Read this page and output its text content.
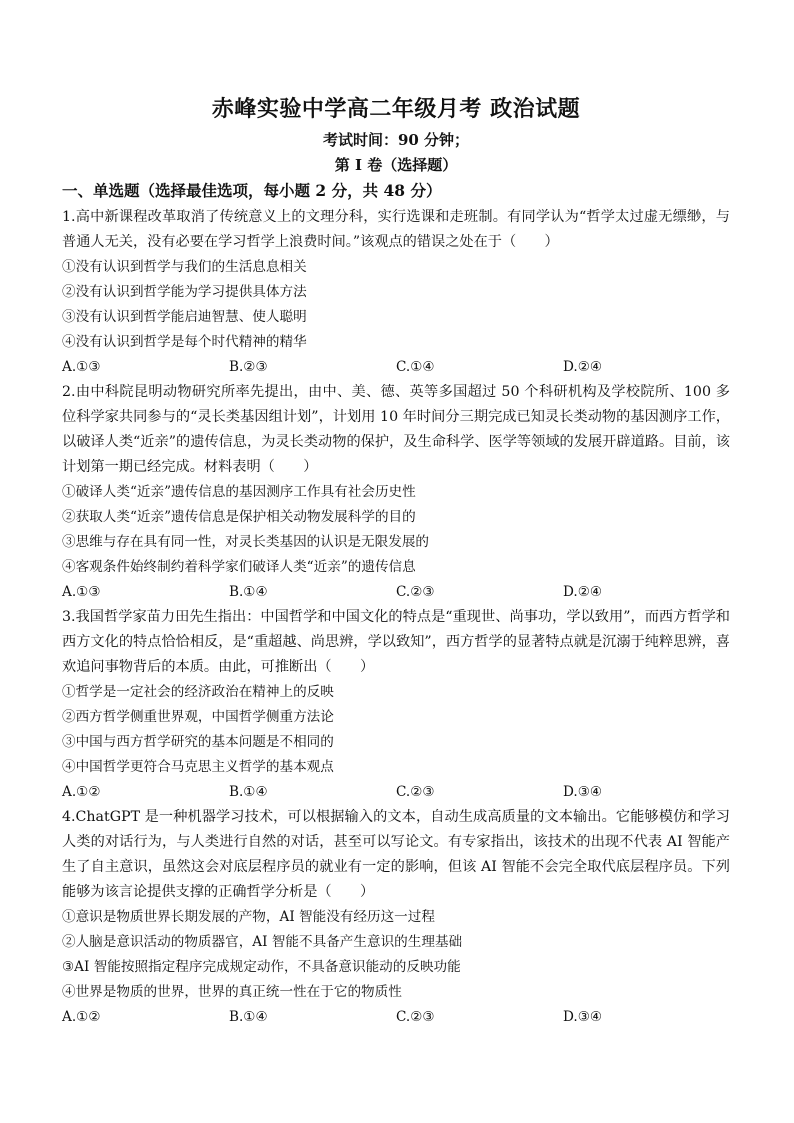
赤峰实验中学高二年级月考 政治试题
考试时间：90 分钟；
第 I 卷（选择题）
一、单选题（选择最佳选项，每小题 2 分，共 48 分）

1.高中新课程改革取消了传统意义上的文理分科，实行选课和走班制。有同学认为“哲学太过虚无缥缈，与普通人无关，没有必要在学习哲学上浪费时间。”该观点的错误之处在于（　　）

①没有认识到哲学与我们的生活息息相关

②没有认识到哲学能为学习提供具体方法

③没有认识到哲学能启迪智慧、使人聪明

④没有认识到哲学是每个时代精神的精华

A.①③	B.②③	C.①④	D.②④

2.由中科院昆明动物研究所率先提出，由中、美、德、英等多国超过 50 个科研机构及学校院所、100 多位科学家共同参与的“灵长类基因组计划”，计划用 10 年时间分三期完成已知灵长类动物的基因测序工作，以破译人类“近亲”的遗传信息，为灵长类动物的保护，及生命科学、医学等领域的发展开辟道路。目前，该计划第一期已经完成。材料表明（　　）

①破译人类“近亲”遗传信息的基因测序工作具有社会历史性

②获取人类“近亲”遗传信息是保护相关动物发展科学的目的

③思维与存在具有同一性，对灵长类基因的认识是无限发展的

④客观条件始终制约着科学家们破译人类“近亲”的遗传信息

A.①③	B.①④	C.②③	D.②④

3.我国哲学家苗力田先生指出：中国哲学和中国文化的特点是“重现世、尚事功，学以致用”，而西方哲学和西方文化的特点恰恰相反，是“重超越、尚思辨，学以致知”，西方哲学的显著特点就是沉溺于纯粹思辨，喜欢追问事物背后的本质。由此，可推断出（　　）

①哲学是一定社会的经济政治在精神上的反映

②西方哲学侧重世界观，中国哲学侧重方法论

③中国与西方哲学研究的基本问题是不相同的

④中国哲学更符合马克思主义哲学的基本观点

A.①②	B.①④	C.②③	D.③④

4.ChatGPT 是一种机器学习技术，可以根据输入的文本，自动生成高质量的文本输出。它能够模仿和学习人类的对话行为，与人类进行自然的对话，甚至可以写论文。有专家指出，该技术的出现不代表 AI 智能产生了自主意识，虽然这会对底层程序员的就业有一定的影响，但该 AI 智能不会完全取代底层程序员。下列能够为该言论提供支撑的正确哲学分析是（　　）

①意识是物质世界长期发展的产物，AI 智能没有经历这一过程

②人脑是意识活动的物质器官，AI 智能不具备产生意识的生理基础

③AI 智能按照指定程序完成规定动作，不具备意识能动的反映功能

④世界是物质的世界，世界的真正统一性在于它的物质性

A.①②	B.①④	C.②③	D.③④
